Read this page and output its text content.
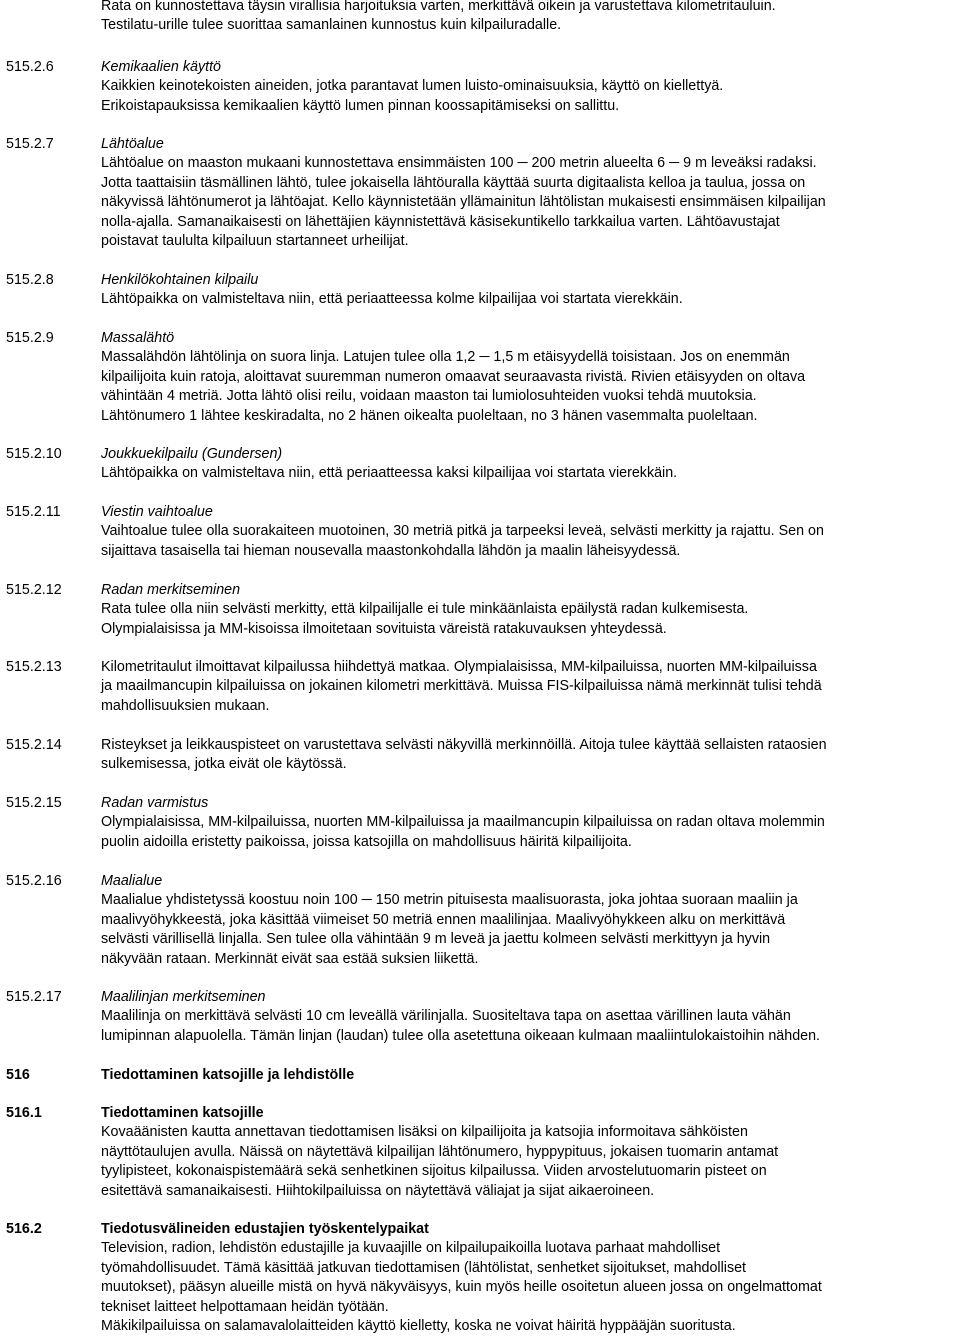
Rata on kunnostettava täysin virallisia harjoituksia varten, merkittävä oikein ja varustettava kilometritauluin.
Testilatu-urille tulee suorittaa samanlainen kunnostus kuin kilpailuradalle.
515.2.6	Kemikaalien käyttö
Kaikkien keinotekoisten aineiden, jotka parantavat lumen luisto-ominaisuuksia, käyttö on kiellettyä.
Erikoistapauksissa kemikaalien käyttö lumen pinnan koossapitämiseksi on sallittu.
515.2.7	Lähtöalue
Lähtöalue on maaston mukaani kunnostettava ensimmäisten 100 ─ 200 metrin alueelta 6 ─ 9 m leveäksi radaksi.
Jotta taattaisiin täsmällinen lähtö, tulee jokaisella lähtöuralla käyttää suurta digitaalista kelloa ja taulua, jossa on
näkyvissä lähtönumerot ja lähtöajat. Kello käynnistetään yllämainitun lähtölistan mukaisesti ensimmäisen kilpailijan
nolla-ajalla. Samanaikaisesti on lähettäjien käynnistettävä käsisekuntikello tarkkailua varten. Lähtöavustajat
poistavat taululta kilpailuun startanneet urheilijat.
515.2.8	Henkilökohtainen kilpailu
Lähtöpaikka on valmisteltava niin, että periaatteessa kolme kilpailijaa voi startata vierekkäin.
515.2.9	Massalähtö
Massalähdön lähtölinja on suora linja. Latujen tulee olla 1,2 ─ 1,5 m etäisyydellä toisistaan. Jos on enemmän
kilpailijoita kuin ratoja, aloittavat suuremman numeron omaavat seuraavasta rivistä. Rivien etäisyyden on oltava
vähintään 4 metriä. Jotta lähtö olisi reilu, voidaan maaston tai lumiolosuhteiden vuoksi tehdä muutoksia.
Lähtönumero 1 lähtee keskiradalta, no 2 hänen oikealta puoleltaan, no 3 hänen vasemmalta puoleltaan.
515.2.10	Joukkuekilpailu (Gundersen)
Lähtöpaikka on valmisteltava niin, että periaatteessa kaksi kilpailijaa voi startata vierekkäin.
515.2.11	Viestin vaihtoalue
Vaihtoalue tulee olla suorakaiteen muotoinen, 30 metriä pitkä ja tarpeeksi leveä, selvästi merkitty ja rajattu. Sen on
sijaittava tasaisella tai hieman nousevalla maastonkohdalla lähdön ja maalin läheisyydessä.
515.2.12	Radan merkitseminen
Rata tulee olla niin selvästi merkitty, että kilpailijalle ei tule minkäänlaista epäilystä radan kulkemisesta.
Olympialaisissa ja MM-kisoissa ilmoitetaan sovituista väreistä ratakuvauksen yhteydessä.
515.2.13	Kilometritaulut ilmoittavat kilpailussa hiihdettyä matkaa. Olympialaisissa, MM-kilpailuissa, nuorten MM-kilpailuissa
ja maailmancupin kilpailuissa on jokainen kilometri merkittävä. Muissa FIS-kilpailuissa nämä merkinnät tulisi tehdä
mahdollisuuksien mukaan.
515.2.14	Risteykset ja leikkauspisteet on varustettava selvästi näkyvillä merkinnöillä. Aitoja tulee käyttää sellaisten rataosien
sulkemisessa, jotka eivät ole käytössä.
515.2.15	Radan varmistus
Olympialaisissa, MM-kilpailuissa, nuorten MM-kilpailuissa ja maailmancupin kilpailuissa on radan oltava molemmin
puolin aidoilla eristetty paikoissa, joissa katsojilla on mahdollisuus häiritä kilpailijoita.
515.2.16	Maalialue
Maalialue yhdistetyssä koostuu noin 100 ─ 150 metrin pituisesta maalisuorasta, joka johtaa suoraan maaliin ja
maalivyöhykkeestä, joka käsittää viimeiset 50 metriä ennen maalilinjaa. Maalivyöhykkeen alku on merkittävä
selvästi värillisellä linjalla. Sen tulee olla vähintään 9 m leveä ja jaettu kolmeen selvästi merkittyyn ja hyvin
näkyvään rataan. Merkinnät eivät saa estää suksien liikettä.
515.2.17	Maalilinjan merkitseminen
Maalilinja on merkittävä selvästi 10 cm leveällä värilinjalla. Suositeltava tapa on asettaa värillinen lauta vähän
lumipinnan alapuolella. Tämän linjan (laudan) tulee olla asetettuna oikeaan kulmaan maaliintulokaistoihin nähden.
516	Tiedottaminen katsojille ja lehdistölle
516.1	Tiedottaminen katsojille
Kovaäänisten kautta annettavan tiedottamisen lisäksi on kilpailijoita ja katsojia informoitava sähköisten
näyttötaulujen avulla. Näissä on näytettävä kilpailijan lähtönumero, hyppypituus, jokaisen tuomarin antamat
tyylipisteet, kokonaispistemäärä sekä senhetkinen sijoitus kilpailussa. Viiden arvostelutuomarin pisteet on
esitettävä samanaikaisesti. Hiihtokilpailuissa on näytettävä väliajat ja sijat aikaeroineen.
516.2	Tiedotusvälineiden edustajien työskentelypaikat
Television, radion, lehdistön edustajille ja kuvaajille on kilpailupaikoilla luotava parhaat mahdolliset
työmahdollisuudet. Tämä käsittää jatkuvan tiedottamisen (lähtölistat, senhetket sijoitukset, mahdolliset
muutokset), pääsyn alueille mistä on hyvä näkyväisyys, kuin myös heille osoitetun alueen jossa on ongelmattomat
tekniset laitteet helpottamaan heidän työtään.
Mäkikilpailuissa on salamavalolaitteiden käyttö kielletty, koska ne voivat häiritä hyppääjän suoritusta.
